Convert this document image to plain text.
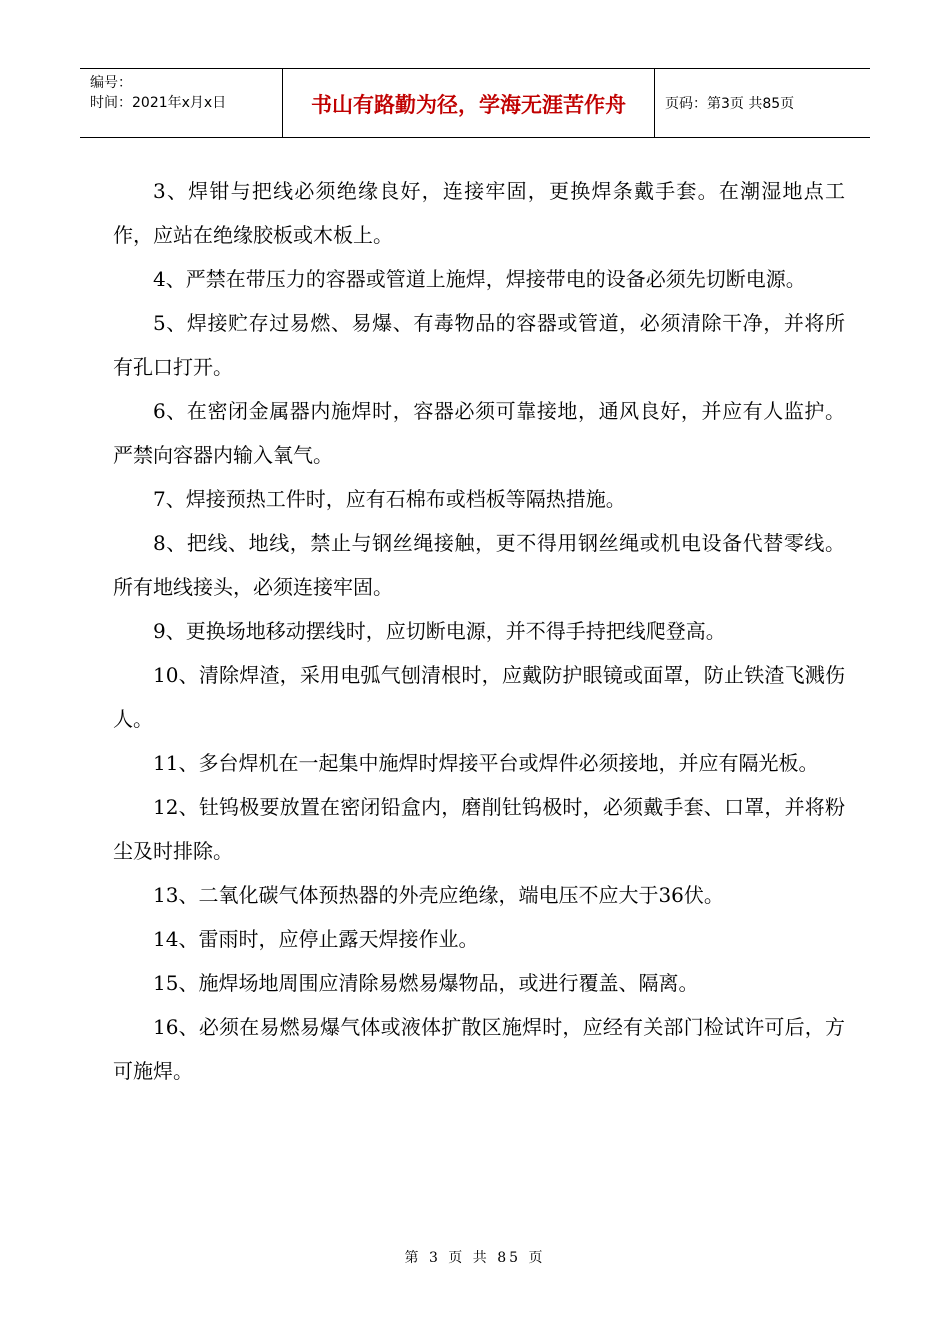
编号：
时间：2021年x月x日	书山有路勤为径，学海无涯苦作舟	页码：第3页 共85页

3、焊钳与把线必须绝缘良好，连接牢固，更换焊条戴手套。在潮湿地点工作，应站在绝缘胶板或木板上。

4、严禁在带压力的容器或管道上施焊，焊接带电的设备必须先切断电源。

5、焊接贮存过易燃、易爆、有毒物品的容器或管道，必须清除干净，并将所有孔口打开。

6、在密闭金属器内施焊时，容器必须可靠接地，通风良好，并应有人监护。严禁向容器内输入氧气。

7、焊接预热工件时，应有石棉布或档板等隔热措施。

8、把线、地线，禁止与钢丝绳接触，更不得用钢丝绳或机电设备代替零线。所有地线接头，必须连接牢固。

9、更换场地移动摆线时，应切断电源，并不得手持把线爬登高。

10、清除焊渣，采用电弧气刨清根时，应戴防护眼镜或面罩，防止铁渣飞溅伤人。

11、多台焊机在一起集中施焊时焊接平台或焊件必须接地，并应有隔光板。

12、钍钨极要放置在密闭铅盒内，磨削钍钨极时，必须戴手套、口罩，并将粉尘及时排除。

13、二氧化碳气体预热器的外壳应绝缘，端电压不应大于36伏。

14、雷雨时，应停止露天焊接作业。

15、施焊场地周围应清除易燃易爆物品，或进行覆盖、隔离。

16、必须在易燃易爆气体或液体扩散区施焊时，应经有关部门检试许可后，方可施焊。

第 3 页 共 85 页
